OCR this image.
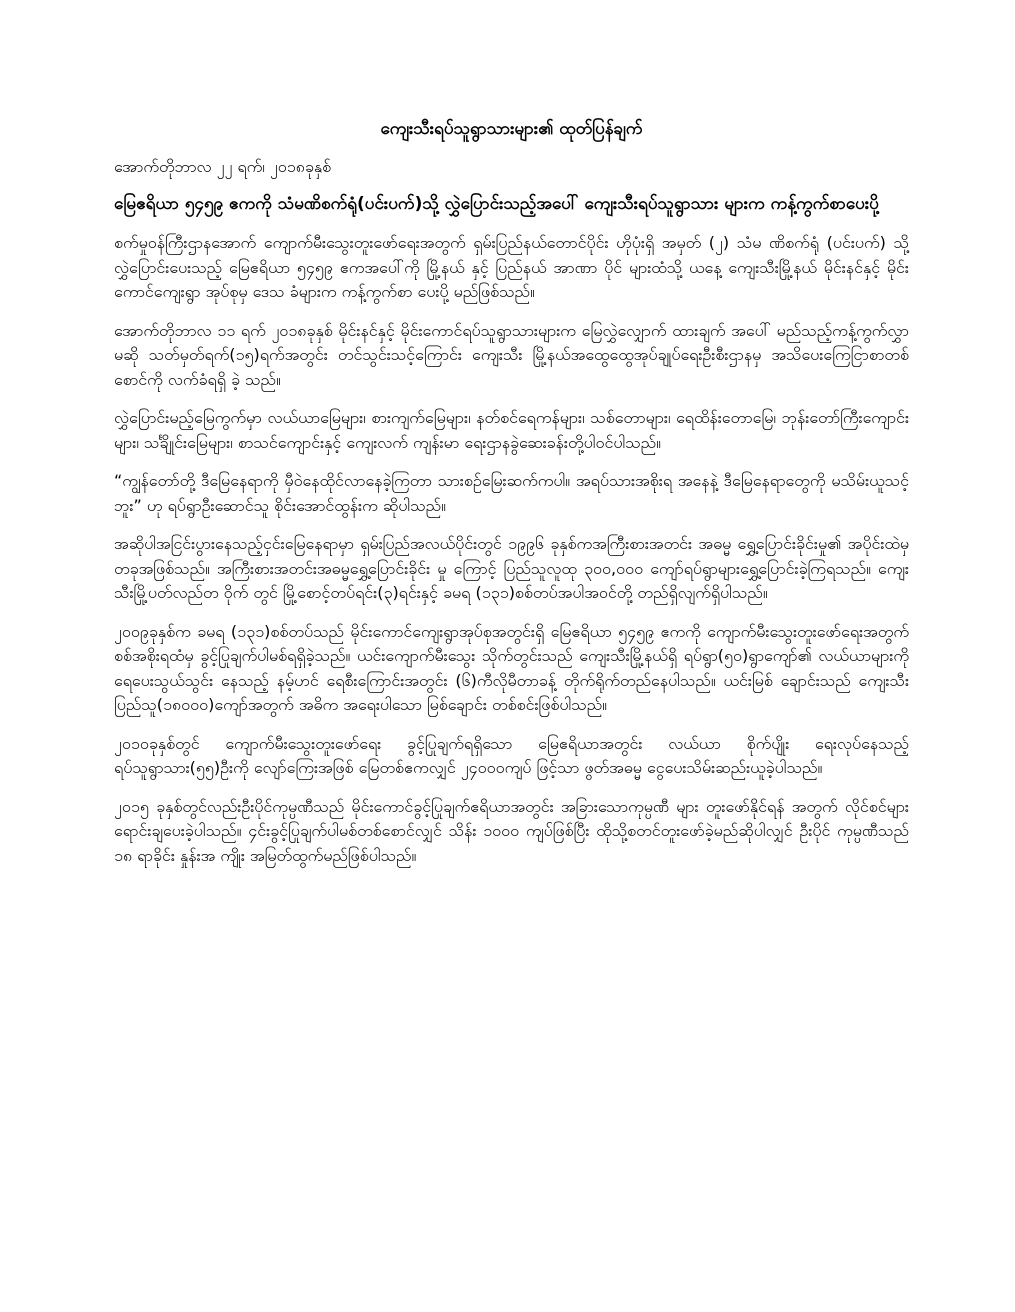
ကျေးသီးရပ်သူရွာသားများ၏ ထုတ်ပြန်ချက်
အောက်တိုဘာလ ၂၂ ရက်၊ ၂၀၁၈ခုနှစ်
မြေဧရိယာ ၅၄၅၉ ဧကကို သံမဏိစက်ရုံ(ပင်းပက်)သို့ လွှဲပြောင်းသည့်အပေါ် ကျေးသီးရပ်သူရွာသား များက ကန့်ကွက်စာပေးပို့
စက်မှုဝန်ကြီးဌာနအောက် ကျောက်မီးသွေးတူးဖော်ရေးအတွက် ရှမ်းပြည်နယ်တောင်ပိုင်း ဟိုပုံးရှိ အမှတ် (၂) သံမ ဏိစက်ရုံ (ပင်းပက်) သို့ လွှဲပြောင်းပေးသည့် မြေဧရိယာ ၅၄၅၉ ဧကအပေါ်ကို မြို့နယ် နှင့် ပြည်နယ် အာဏာ ပိုင် များထံသို့ ယနေ့ ကျေးသီးမြို့နယ် မိုင်းနင်နှင့် မိုင်းကောင်ကျေးရွာ အုပ်စုမှ ဒေသ ခံများက ကန့်ကွက်စာ ပေးပို့ မည်ဖြစ်သည်။
အောက်တိုဘာလ ၁၁ ရက် ၂၀၁၈ခုနှစ် မိုင်းနင်နှင့် မိုင်းကောင်ရပ်သူရွာသားများက မြေလွှဲလျှောက် ထားချက် အပေါ် မည်သည့်ကန့်ကွက်လွှာမဆို သတ်မှတ်ရက်(၁၅)ရက်အတွင်း တင်သွင်းသင့်ကြောင်း ကျေးသီး မြို့နယ်အထွေထွေအုပ်ချုပ်ရေးဦးစီးဌာနမှ အသိပေးကြေငြာစာတစ်စောင်ကို လက်ခံရရှိ ခဲ့ သည်။
လွှဲပြောင်းမည့်မြေကွက်မှာ လယ်ယာမြေများ၊ စားကျက်မြေများ၊ နတ်စင်ရေကန်များ၊ သစ်တောများ၊ ရေထိန်းတောမြေ၊ ဘုန်းတော်ကြီးကျောင်းများ၊ သင်္ချိုင်းမြေများ၊ စာသင်ကျောင်းနှင့် ကျေးလက် ကျန်းမာ ရေးဌာနခွဲဆေးခန်းတို့ပါဝင်ပါသည်။
“ကျွန်တော်တို့ ဒီမြေနေရာကို မှီဝဲနေထိုင်လာနေခဲ့ကြတာ သားစဉ်မြေးဆက်ကပါ။ အရပ်သားအစိုးရ အနေနဲ့ ဒီမြေနေရာတွေကို မသိမ်းယူသင့်ဘူး” ဟု ရပ်ရွာဦးဆောင်သူ စိုင်းအောင်ထွန်းက ဆိုပါသည်။
အဆိုပါအငြင်းပွားနေသည့်ငှင်းမြေနေရာမှာ ရှမ်းပြည်အလယ်ပိုင်းတွင် ၁၉၉၆ ခုနှစ်ကအကြီးစားအတင်း အဓမ္မ ရွှေ့ပြောင်းခိုင်းမှု၏ အပိုင်းထဲမှ တခုအဖြစ်သည်။ အကြီးစားအတင်းအဓမ္မရွှေ့ပြောင်းခိုင်း မှု ကြောင့် ပြည်သူလူထု ၃၀၀,၀၀၀ ကျော်ရပ်ရွာများရွှေ့ပြောင်းခဲ့ကြရသည်။ ကျေးသီးမြို့ပတ်လည်တ ဝိုက် တွင် မြို့စောင့်တပ်ရင်း(၃)ရင်းနှင့် ခမရ (၁၃၁)စစ်တပ်အပါအဝင်တို့ တည်ရှိလျက်ရှိပါသည်။
၂၀၀၉ခုနှစ်က ခမရ (၁၃၁)စစ်တပ်သည် မိုင်းကောင်ကျေးရွာအုပ်စုအတွင်းရှိ မြေဧရိယာ ၅၄၅၉ ဧကကို ကျောက်မီးသွေးတူးဖော်ရေးအတွက် စစ်အစိုးရထံမှ ခွင့်ပြုချက်ပါမစ်ရရှိခဲ့သည်။ ယင်းကျောက်မီးသွေး သိုက်တွင်းသည် ကျေးသီးမြို့နယ်ရှိ ရပ်ရွာ(၅၀)ရွာကျော်၏ လယ်ယာများကို ရေပေးသွယ်သွင်း နေသည့် နမ့်ဟင် ရေစီးကြောင်းအတွင်း (၆)ကီလိုမီတာခန့် တိုက်ရိုက်တည်နေပါသည်။ ယင်းမြစ် ချောင်းသည် ကျေးသီး ပြည်သူ(၁၈၀၀၀)ကျော်အတွက် အဓိက အရေးပါသော မြစ်ချောင်း တစ်စင်းဖြစ်ပါသည်။
၂၀၁၀ခုနှစ်တွင် ကျောက်မီးသွေးတူးဖော်ရေး ခွင့်ပြုချက်ရရှိသော မြေဧရိယာအတွင်း လယ်ယာ စိုက်ပျိုး ရေးလုပ်နေသည့် ရပ်သူရွာသား(၅၅)ဦးကို လျော်ကြေးအဖြစ် မြေတစ်ဧကလျှင် ၂၄၀၀၀ကျပ် ဖြင့်သာ ဖွတ်အဓမ္မ ငွေပေးသိမ်းဆည်းယူခဲ့ပါသည်။
၂၀၁၅ ခုနှစ်တွင်လည်းဦးပိုင်ကုမ္ပဏီသည် မိုင်းကောင်ခွင့်ပြုချက်ဧရိယာအတွင်း အခြားသောကုမ္ပဏီ များ တူးဖော်နိုင်ရန် အတွက် လိုင်စင်များရောင်းချပေးခဲ့ပါသည်။ ၄င်းခွင့်ပြုချက်ပါမစ်တစ်စောင်လျှင် သိန်း ၁၀၀၀ ကျပ်ဖြစ်ပြီး ထိုသို့စတင်တူးဖော်ခဲ့မည်ဆိုပါလျှင် ဦးပိုင် ကုမ္ပဏီသည် ၁၈ ရာခိုင်း နှုန်းအ ကျိုး အမြတ်ထွက်မည်ဖြစ်ပါသည်။
